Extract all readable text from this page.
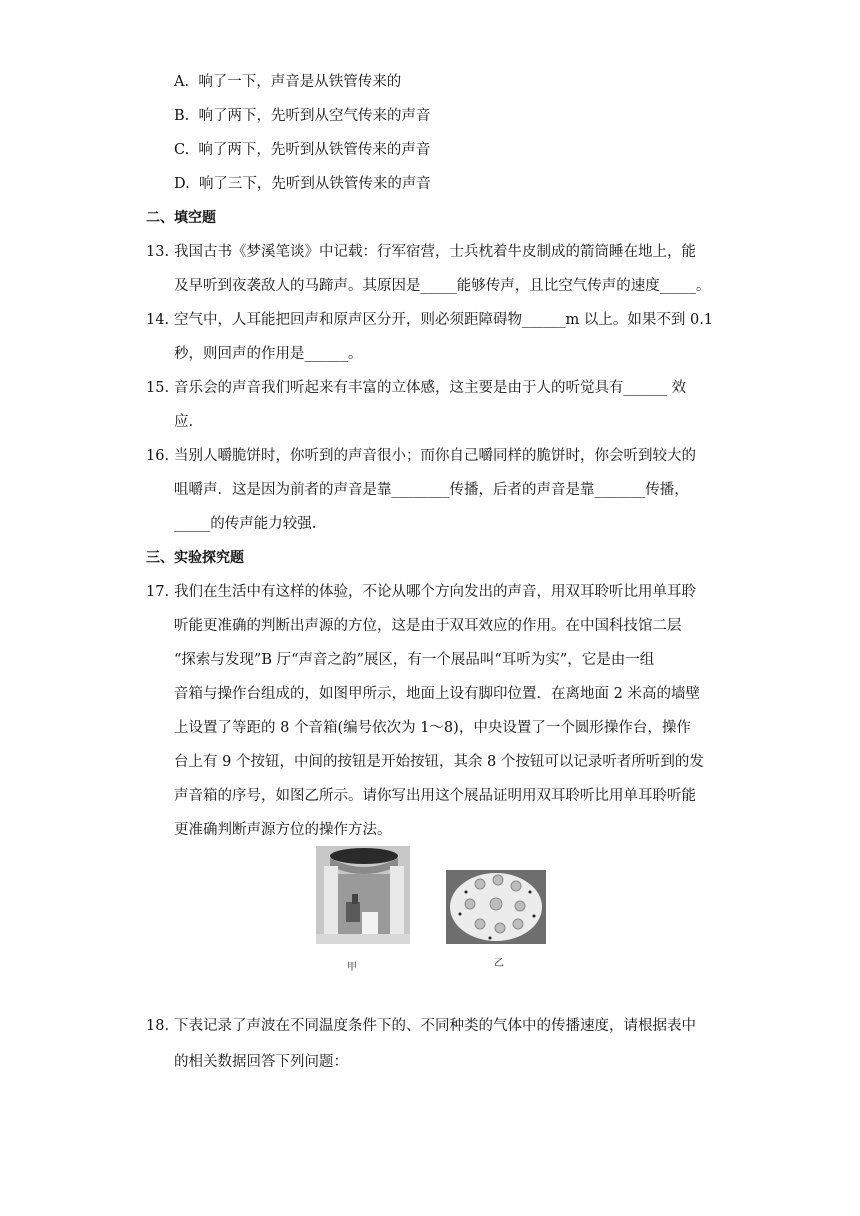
A. 响了一下，声音是从铁管传来的
B. 响了两下，先听到从空气传来的声音
C. 响了两下，先听到从铁管传来的声音
D. 响了三下，先听到从铁管传来的声音
二、填空题
13. 我国古书《梦溪笔谈》中记载：行军宿营，士兵枕着牛皮制成的箭筒睡在地上，能
及早听到夜袭敌人的马蹄声。其原因是_____能够传声，且比空气传声的速度_____。
14. 空气中，人耳能把回声和原声区分开，则必须距障碍物______m 以上。如果不到 0.1
秒，则回声的作用是______。
15. 音乐会的声音我们听起来有丰富的立体感，这主要是由于人的听觉具有______ 效
应.
16. 当别人嚼脆饼时，你听到的声音很小；而你自己嚼同样的脆饼时，你会听到较大的
咀嚼声．这是因为前者的声音是靠________传播，后者的声音是靠_______传播，
_____的传声能力较强.
三、实验探究题
17. 我们在生活中有这样的体验，不论从哪个方向发出的声音，用双耳聆听比用单耳聆
听能更准确的判断出声源的方位，这是由于双耳效应的作用。在中国科技馆二层
“探索与发现”B 厅“声音之韵”展区，有一个展品叫“耳听为实”，它是由一组
音箱与操作台组成的，如图甲所示，地面上设有脚印位置．在离地面 2 米高的墙壁
上设置了等距的 8 个音箱(编号依次为 1～8)，中央设置了一个圆形操作台，操作
台上有 9 个按钮，中间的按钮是开始按钮，其余 8 个按钮可以记录听者所听到的发
声音箱的序号，如图乙所示。请你写出用这个展品证明用双耳聆听比用单耳聆听能
更准确判断声源方位的操作方法。
甲	乙
18. 下表记录了声波在不同温度条件下的、不同种类的气体中的传播速度，请根据表中
的相关数据回答下列问题：
